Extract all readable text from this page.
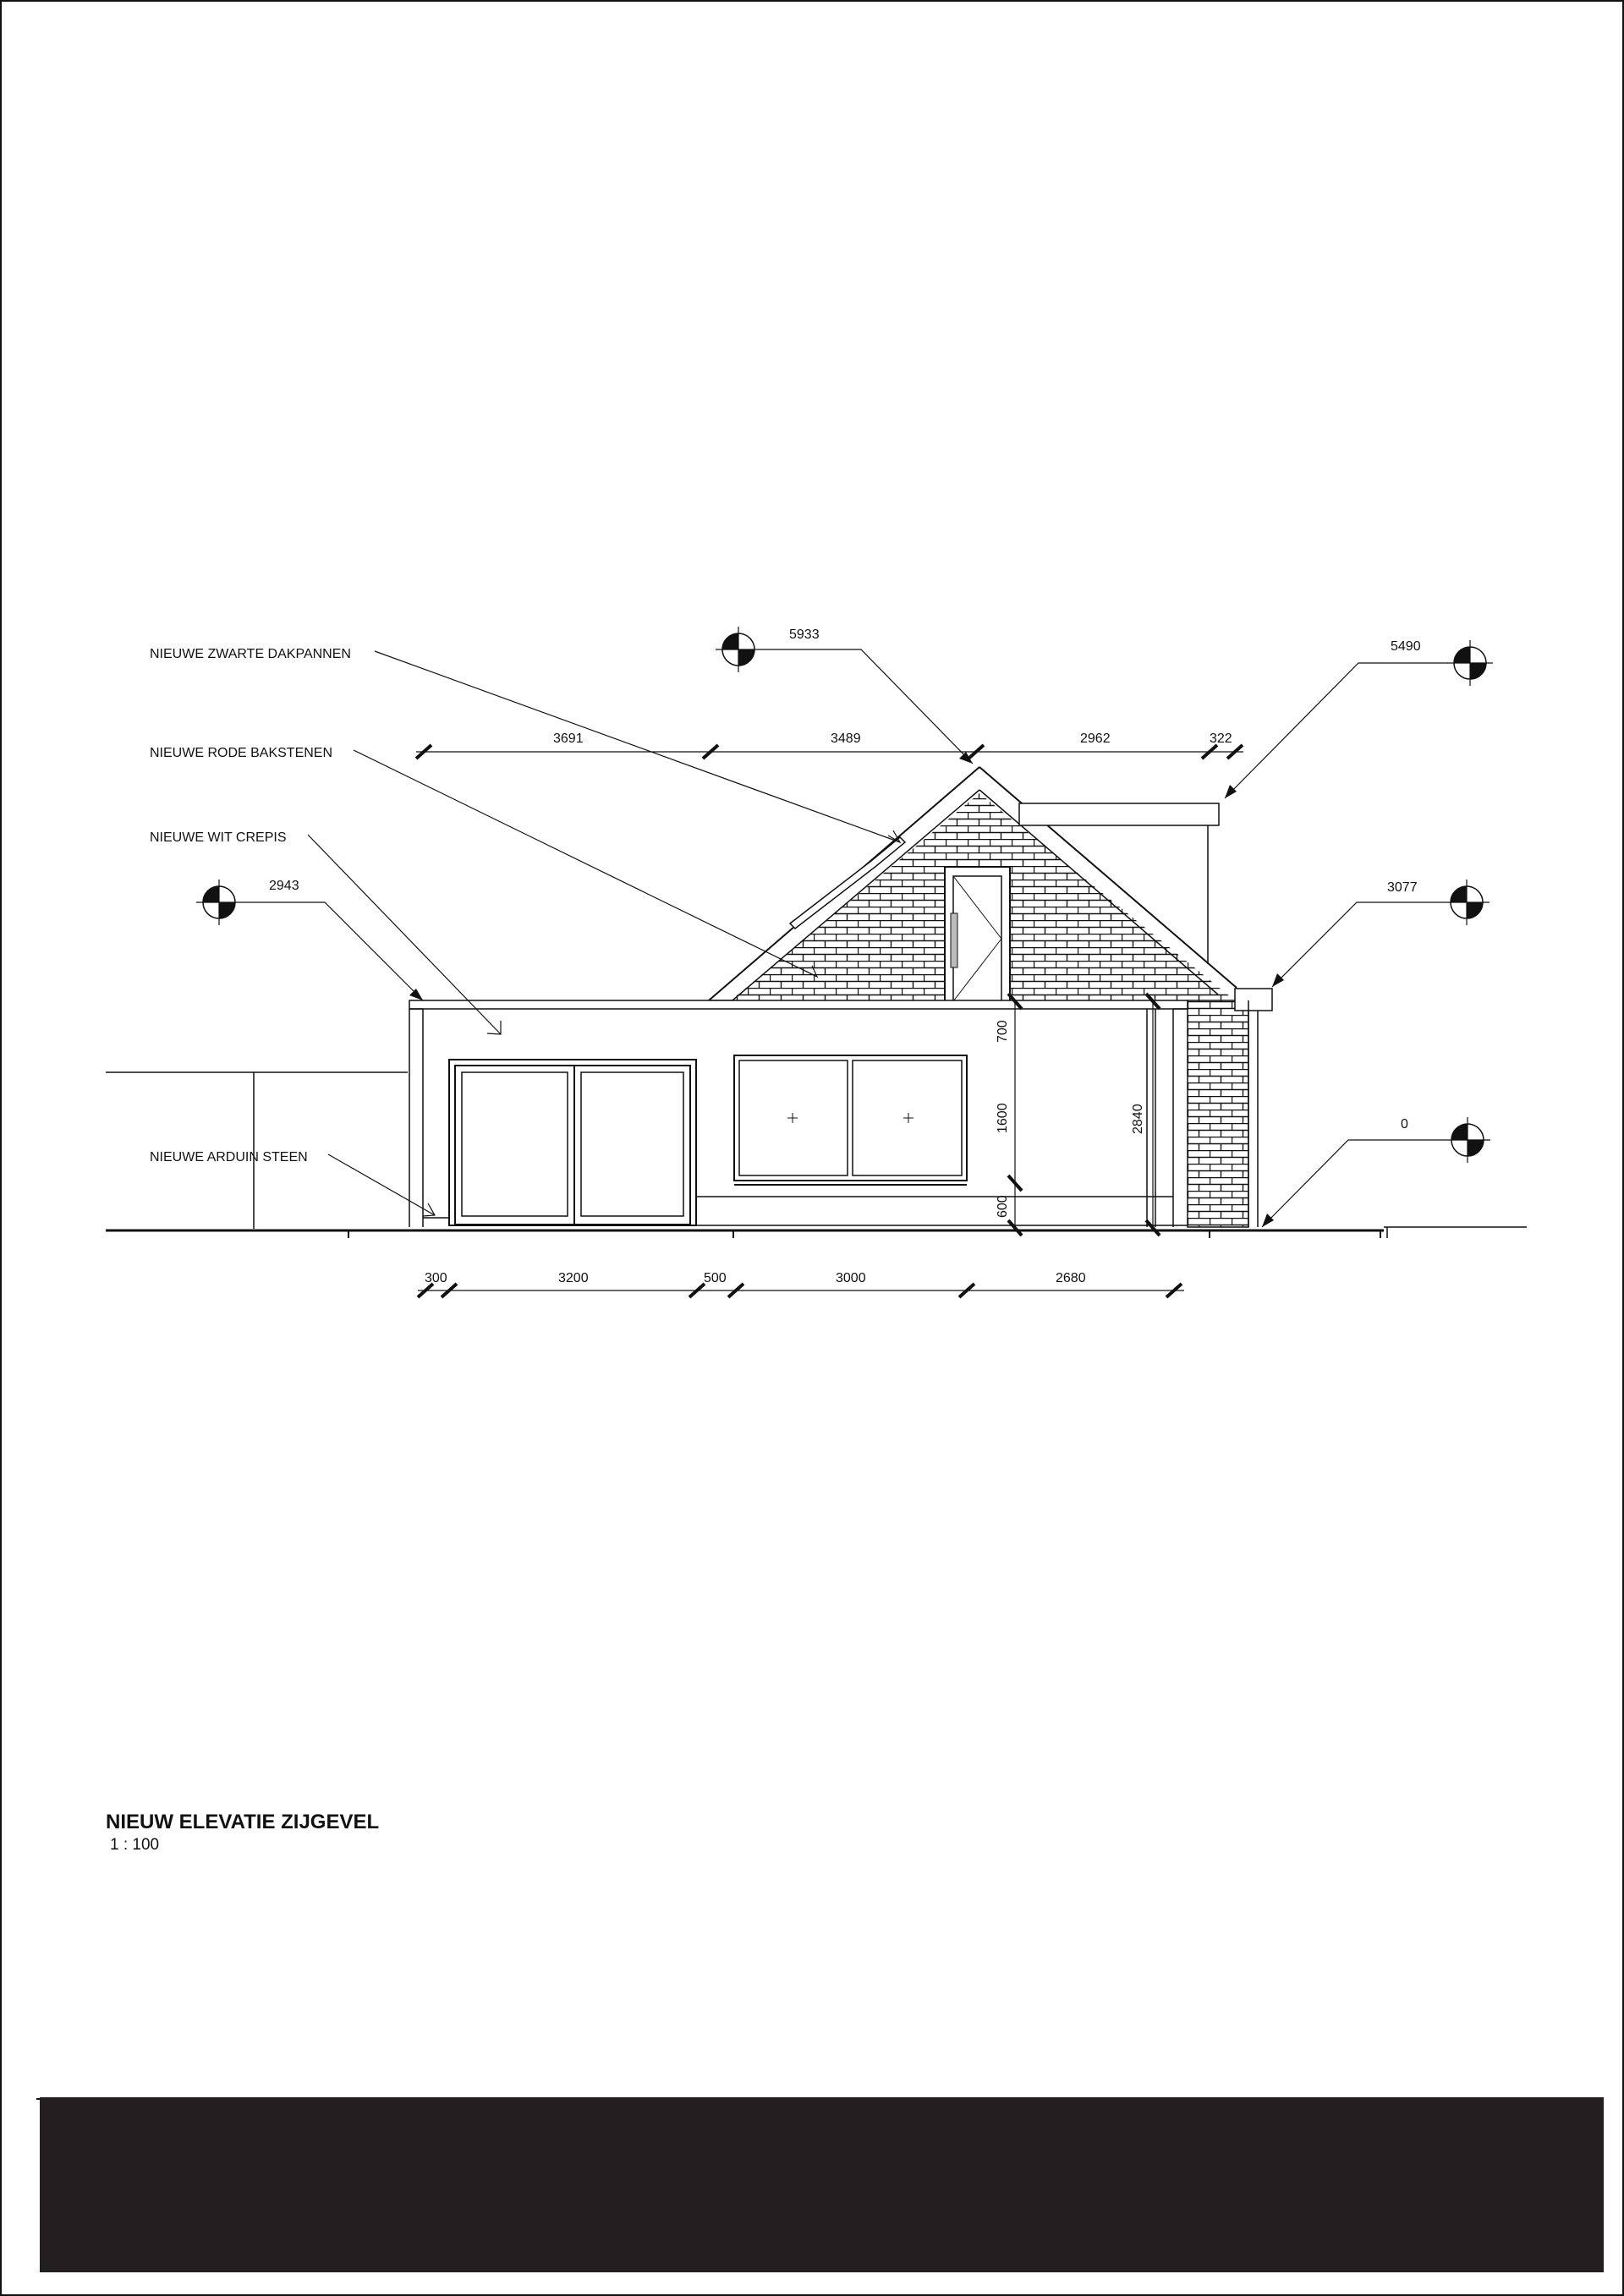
NIEUWE ZWARTE DAKPANNEN
NIEUWE RODE BAKSTENEN
NIEUWE WIT CREPIS
NIEUWE ARDUIN STEEN
5933
5490
2943	3077
0
3691	3489	2962	322
300	3200	500	3000	2680
700
1600
600
2840
NIEUW ELEVATIE ZIJGEVEL
1 : 100
